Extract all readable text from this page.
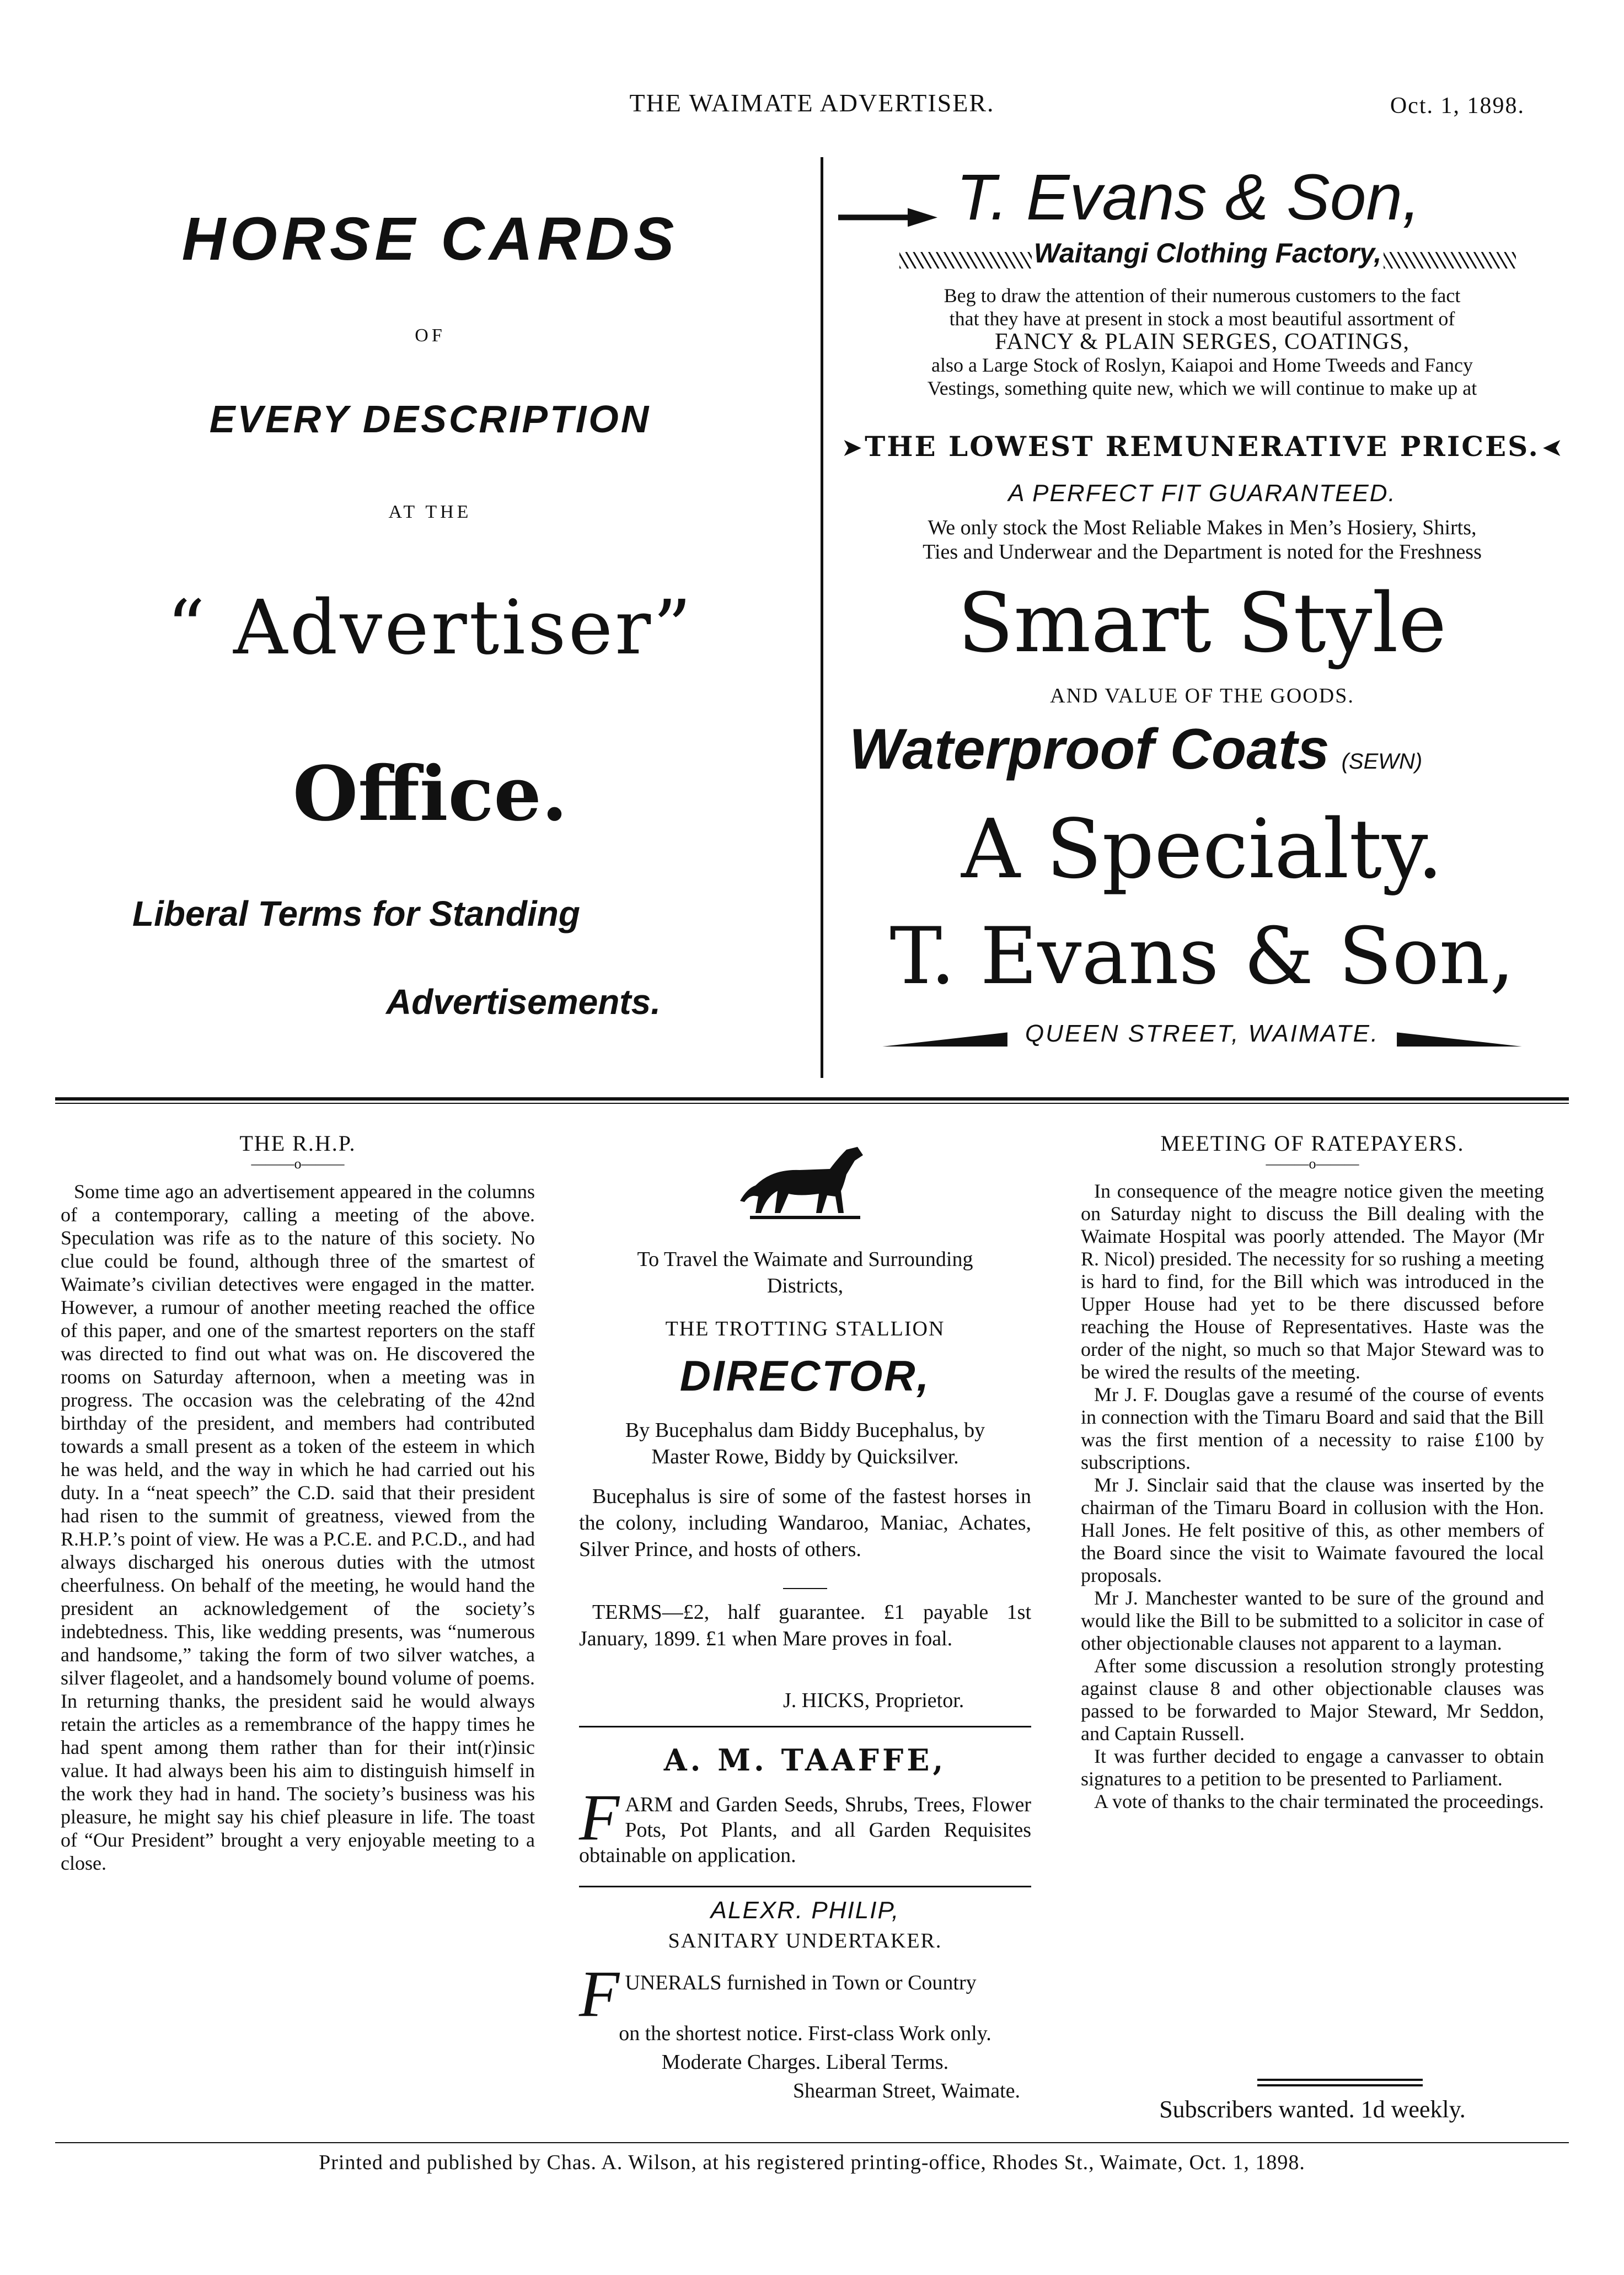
THE WAIMATE ADVERTISER.	Oct. 1, 1898.
HORSE CARDS
OF
EVERY DESCRIPTION
AT THE
“ Advertiser”
Office.
Liberal Terms for Standing
Advertisements.
T. Evans & Son,
Waitangi Clothing Factory,
Beg to draw the attention of their numerous customers to the fact
that they have at present in stock a most beautiful assortment of
FANCY & PLAIN SERGES, COATINGS,
also a Large Stock of Roslyn, Kaiapoi and Home Tweeds and Fancy
Vestings, something quite new, which we will continue to make up at
➤ THE LOWEST REMUNERATIVE PRICES. ➤
A PERFECT FIT GUARANTEED.
We only stock the Most Reliable Makes in Men’s Hosiery, Shirts,
Ties and Underwear and the Department is noted for the Freshness
Smart Style
AND VALUE OF THE GOODS.
Waterproof Coats (SEWN)
A Specialty.
T. Evans & Son,
QUEEN STREET, WAIMATE.
THE R.H.P.
———o———

Some time ago an advertisement appeared in the columns of a contemporary, calling a meeting of the above. Speculation was rife as to the nature of this society. No clue could be found, although three of the smartest of Waimate’s civilian detectives were engaged in the matter. However, a rumour of another meeting reached the office of this paper, and one of the smartest reporters on the staff was directed to find out what was on. He discovered the rooms on Saturday afternoon, when a meeting was in progress. The occasion was the celebrating of the 42nd birthday of the president, and members had contributed towards a small present as a token of the esteem in which he was held, and the way in which he had carried out his duty. In a “neat speech” the C.D. said that their president had risen to the summit of greatness, viewed from the R.H.P.’s point of view. He was a P.C.E. and P.C.D., and had always discharged his onerous duties with the utmost cheerfulness. On behalf of the meeting, he would hand the president an acknowledgement of the society’s indebtedness. This, like wedding presents, was “numerous and handsome,” taking the form of two silver watches, a silver flageolet, and a handsomely bound volume of poems. In returning thanks, the president said he would always retain the articles as a remembrance of the happy times he had spent among them rather than for their int(r)insic value. It had always been his aim to distinguish himself in the work they had in hand. The society’s business was his pleasure, he might say his chief pleasure in life. The toast of “Our President” brought a very enjoyable meeting to a close.

To Travel the Waimate and Surrounding
Districts,
THE TROTTING STALLION
DIRECTOR,
By Bucephalus dam Biddy Bucephalus, by
Master Rowe, Biddy by Quicksilver.

Bucephalus is sire of some of the fastest horses in the colony, including Wandaroo, Maniac, Achates, Silver Prince, and hosts of others.

TERMS—£2, half guarantee. £1 payable 1st January, 1899. £1 when Mare proves in foal.

J. HICKS, Proprietor.
A. M. TAAFFE,
F ARM and Garden Seeds, Shrubs, Trees, Flower Pots, Pot Plants, and all Garden Requisites obtainable on application.
ALEXR. PHILIP,
SANITARY UNDERTAKER.
F UNERALS furnished in Town or Country
on the shortest notice. First-class Work only.
Moderate Charges. Liberal Terms.
Shearman Street, Waimate.
MEETING OF RATEPAYERS.
———o———

In consequence of the meagre notice given the meeting on Saturday night to discuss the Bill dealing with the Waimate Hospital was poorly attended. The Mayor (Mr R. Nicol) presided. The necessity for so rushing a meeting is hard to find, for the Bill which was introduced in the Upper House had yet to be there discussed before reaching the House of Representatives. Haste was the order of the night, so much so that Major Steward was to be wired the results of the meeting.

Mr J. F. Douglas gave a resumé of the course of events in connection with the Timaru Board and said that the Bill was the first mention of a necessity to raise £100 by subscriptions.

Mr J. Sinclair said that the clause was inserted by the chairman of the Timaru Board in collusion with the Hon. Hall Jones. He felt positive of this, as other members of the Board since the visit to Waimate favoured the local proposals.

Mr J. Manchester wanted to be sure of the ground and would like the Bill to be submitted to a solicitor in case of other objectionable clauses not apparent to a layman.

After some discussion a resolution strongly protesting against clause 8 and other objectionable clauses was passed to be forwarded to Major Steward, Mr Seddon, and Captain Russell.

It was further decided to engage a canvasser to obtain signatures to a petition to be presented to Parliament.

A vote of thanks to the chair terminated the proceedings.

Subscribers wanted. 1d weekly.
Printed and published by Chas. A. Wilson, at his registered printing-office, Rhodes St., Waimate, Oct. 1, 1898.
